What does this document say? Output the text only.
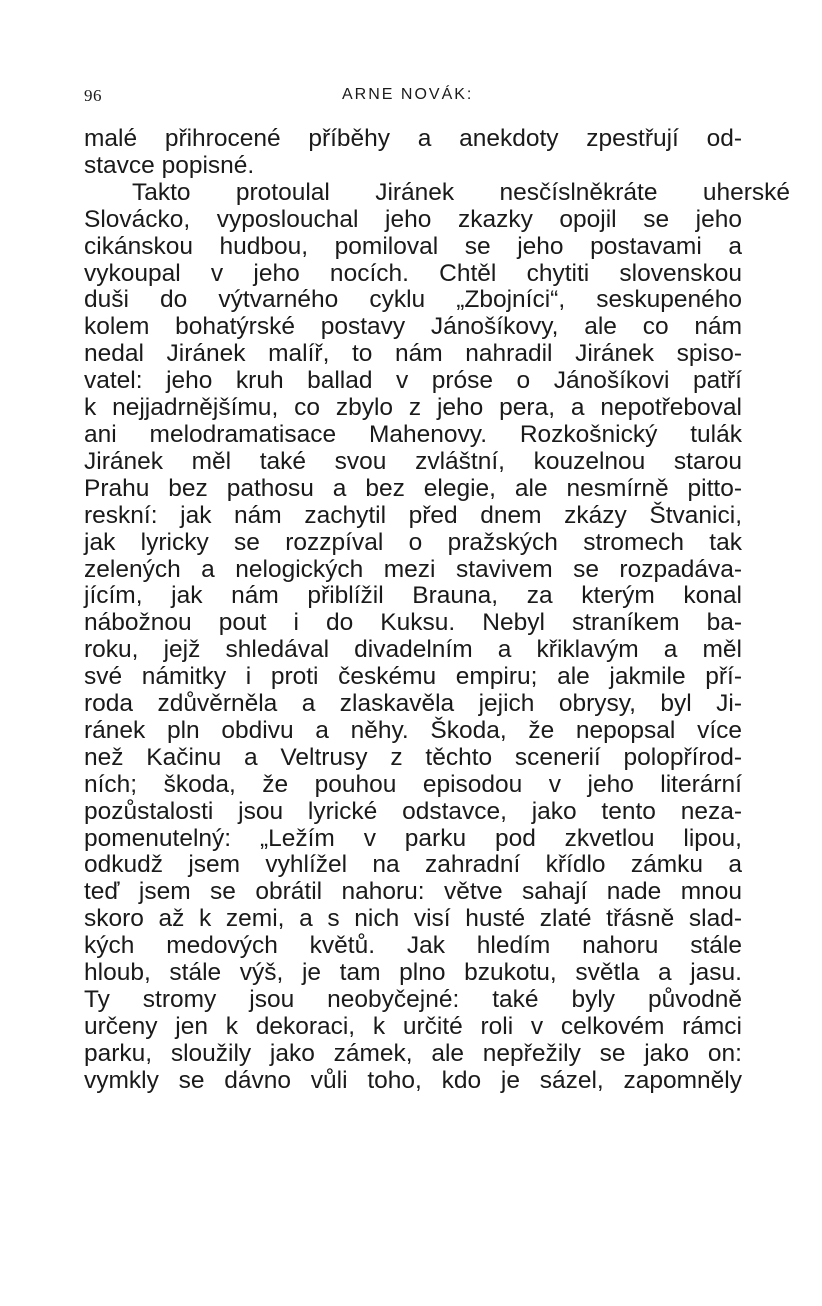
96	ARNE NOVÁK:
malé přihrocené příběhy a anekdoty zpestřují od-
stavce popisné.
Takto protoulal Jiránek nesčíslněkráte uherské
Slovácko, vyposlouchal jeho zkazky opojil se jeho
cikánskou hudbou, pomiloval se jeho postavami a
vykoupal v jeho nocích. Chtěl chytiti slovenskou
duši do výtvarného cyklu „Zbojníci“, seskupeného
kolem bohatýrské postavy Jánošíkovy, ale co nám
nedal Jiránek malíř, to nám nahradil Jiránek spiso-
vatel: jeho kruh ballad v próse o Jánošíkovi patří
k nejjadrnějšímu, co zbylo z jeho pera, a nepotřeboval
ani melodramatisace Mahenovy. Rozkošnický tulák
Jiránek měl také svou zvláštní, kouzelnou starou
Prahu bez pathosu a bez elegie, ale nesmírně pitto-
reskní: jak nám zachytil před dnem zkázy Štvanici,
jak lyricky se rozzpíval o pražských stromech tak
zelených a nelogických mezi stavivem se rozpadáva-
jícím, jak nám přiblížil Brauna, za kterým konal
nábožnou pout i do Kuksu. Nebyl straníkem ba-
roku, jejž shledával divadelním a křiklavým a měl
své námitky i proti českému empiru; ale jakmile pří-
roda zdůvěrněla a zlaskavěla jejich obrysy, byl Ji-
ránek pln obdivu a něhy. Škoda, že nepopsal více
než Kačinu a Veltrusy z těchto scenerií polopřírod-
ních; škoda, že pouhou episodou v jeho literární
pozůstalosti jsou lyrické odstavce, jako tento neza-
pomenutelný: „Ležím v parku pod zkvetlou lipou,
odkudž jsem vyhlížel na zahradní křídlo zámku a
teď jsem se obrátil nahoru: větve sahají nade mnou
skoro až k zemi, a s nich visí husté zlaté třásně slad-
kých medových květů. Jak hledím nahoru stále
hloub, stále výš, je tam plno bzukotu, světla a jasu.
Ty stromy jsou neobyčejné: také byly původně
určeny jen k dekoraci, k určité roli v celkovém rámci
parku, sloužily jako zámek, ale nepřežily se jako on:
vymkly se dávno vůli toho, kdo je sázel, zapomněly
